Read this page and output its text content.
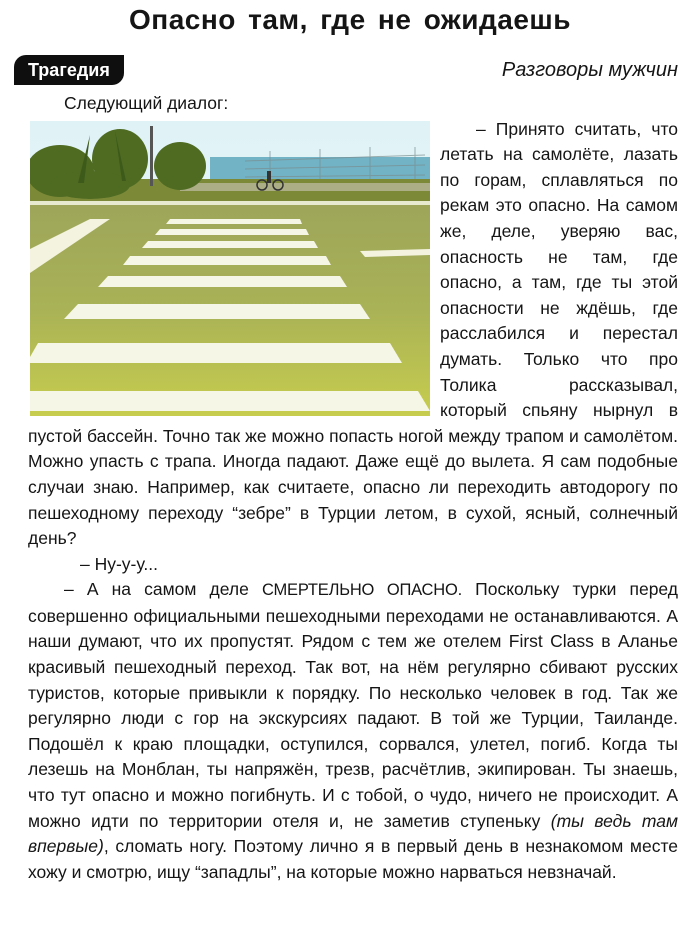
Опасно там, где не ожидаешь
Трагедия	Разговоры мужчин

Следующий диалог:

– Принято считать, что летать на самолёте, лазать по горам, сплавляться по рекам это опасно. На самом же, деле, уверяю вас, опасность не там, где опасно, а там, где ты этой опасности не ждёшь, где расслабился и перестал думать. Только что про Толика рассказывал, который спьяну нырнул в пустой бассейн. Точно так же можно попасть ногой между трапом и самолётом. Можно упасть с трапа. Иногда падают. Даже ещё до вылета. Я сам подобные случаи знаю. Например, как считаете, опасно ли переходить автодорогу по пешеходному переходу “зебре” в Турции летом, в сухой, ясный, солнечный день?

– Ну-у-у...

– А на самом деле СМЕРТЕЛЬНО ОПАСНО. Поскольку турки перед совершенно официальными пешеходными переходами не останавливаются. А наши думают, что их пропустят. Рядом с тем же отелем First Class в Аланье красивый пешеходный переход. Так вот, на нём регулярно сбивают русских туристов, которые привыкли к порядку. По несколько человек в год. Так же регулярно люди с гор на экскурсиях падают. В той же Турции, Таиланде. Подошёл к краю площадки, оступился, сорвался, улетел, погиб. Когда ты лезешь на Монблан, ты напряжён, трезв, расчётлив, экипирован. Ты знаешь, что тут опасно и можно погибнуть. И с тобой, о чудо, ничего не происходит. А можно идти по территории отеля и, не заметив ступеньку (ты ведь там впервые), сломать ногу. Поэтому лично я в первый день в незнакомом месте хожу и смотрю, ищу “западлы”, на которые можно нарваться невзначай.
